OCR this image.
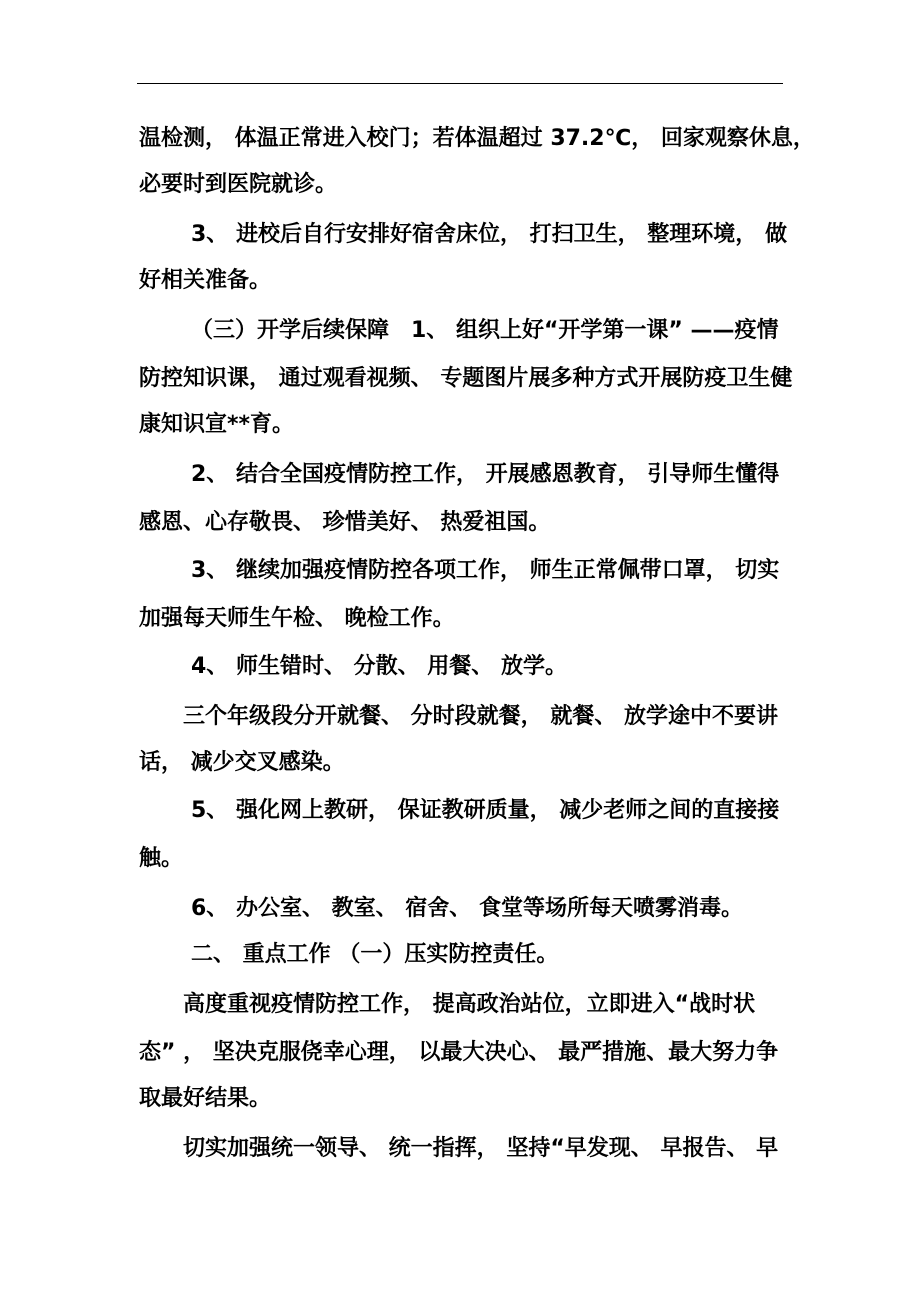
温检测， 体温正常进入校门；若体温超过 37.2℃， 回家观察休息，

必要时到医院就诊。

3、 进校后自行安排好宿舍床位， 打扫卫生， 整理环境， 做

好相关准备。

（三）开学后续保障　1、 组织上好“开学第一课” ——疫情

防控知识课， 通过观看视频、 专题图片展多种方式开展防疫卫生健

康知识宣**育。

2、 结合全国疫情防控工作， 开展感恩教育， 引导师生懂得

感恩、心存敬畏、 珍惜美好、 热爱祖国。

3、 继续加强疫情防控各项工作， 师生正常佩带口罩， 切实

加强每天师生午检、 晚检工作。

4、 师生错时、 分散、 用餐、 放学。

三个年级段分开就餐、 分时段就餐， 就餐、 放学途中不要讲

话， 减少交叉感染。

5、 强化网上教研， 保证教研质量， 减少老师之间的直接接

触。

6、 办公室、 教室、 宿舍、 食堂等场所每天喷雾消毒。

二、 重点工作 （一）压实防控责任。

高度重视疫情防控工作， 提高政治站位，立即进入“战时状

态” ， 坚决克服侥幸心理， 以最大决心、 最严措施、最大努力争

取最好结果。

切实加强统一领导、 统一指挥， 坚持“早发现、 早报告、 早
